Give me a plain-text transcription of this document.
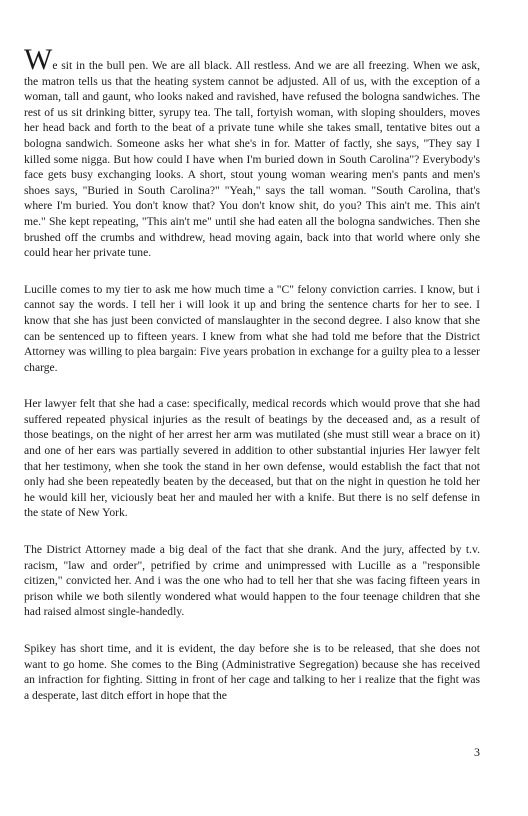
We sit in the bull pen. We are all black. All restless. And we are all freezing. When we ask, the matron tells us that the heating system cannot be adjusted. All of us, with the exception of a woman, tall and gaunt, who looks naked and ravished, have refused the bologna sandwiches. The rest of us sit drinking bitter, syrupy tea. The tall, fortyish woman, with sloping shoulders, moves her head back and forth to the beat of a private tune while she takes small, tentative bites out a bologna sandwich. Someone asks her what she's in for. Matter of factly, she says, "They say I killed some nigga. But how could I have when I'm buried down in South Carolina"? Everybody's face gets busy exchanging looks. A short, stout young woman wearing men's pants and men's shoes says, "Buried in South Carolina?" "Yeah," says the tall woman. "South Carolina, that's where I'm buried. You don't know that? You don't know shit, do you? This ain't me. This ain't me." She kept repeating, "This ain't me" until she had eaten all the bologna sandwiches. Then she brushed off the crumbs and withdrew, head moving again, back into that world where only she could hear her private tune.

Lucille comes to my tier to ask me how much time a "C" felony conviction carries. I know, but i cannot say the words. I tell her i will look it up and bring the sentence charts for her to see. I know that she has just been convicted of manslaughter in the second degree. I also know that she can be sentenced up to fifteen years. I knew from what she had told me before that the District Attorney was willing to plea bargain: Five years probation in exchange for a guilty plea to a lesser charge.

Her lawyer felt that she had a case: specifically, medical records which would prove that she had suffered repeated physical injuries as the result of beatings by the deceased and, as a result of those beatings, on the night of her arrest her arm was mutilated (she must still wear a brace on it) and one of her ears was partially severed in addition to other substantial injuries Her lawyer felt that her testimony, when she took the stand in her own defense, would establish the fact that not only had she been repeatedly beaten by the deceased, but that on the night in question he told her he would kill her, viciously beat her and mauled her with a knife. But there is no self defense in the state of New York.

The District Attorney made a big deal of the fact that she drank. And the jury, affected by t.v. racism, "law and order", petrified by crime and unimpressed with Lucille as a "responsible citizen," convicted her. And i was the one who had to tell her that she was facing fifteen years in prison while we both silently wondered what would happen to the four teenage children that she had raised almost single-handedly.

Spikey has short time, and it is evident, the day before she is to be released, that she does not want to go home. She comes to the Bing (Administrative Segregation) because she has received an infraction for fighting. Sitting in front of her cage and talking to her i realize that the fight was a desperate, last ditch effort in hope that the

3
